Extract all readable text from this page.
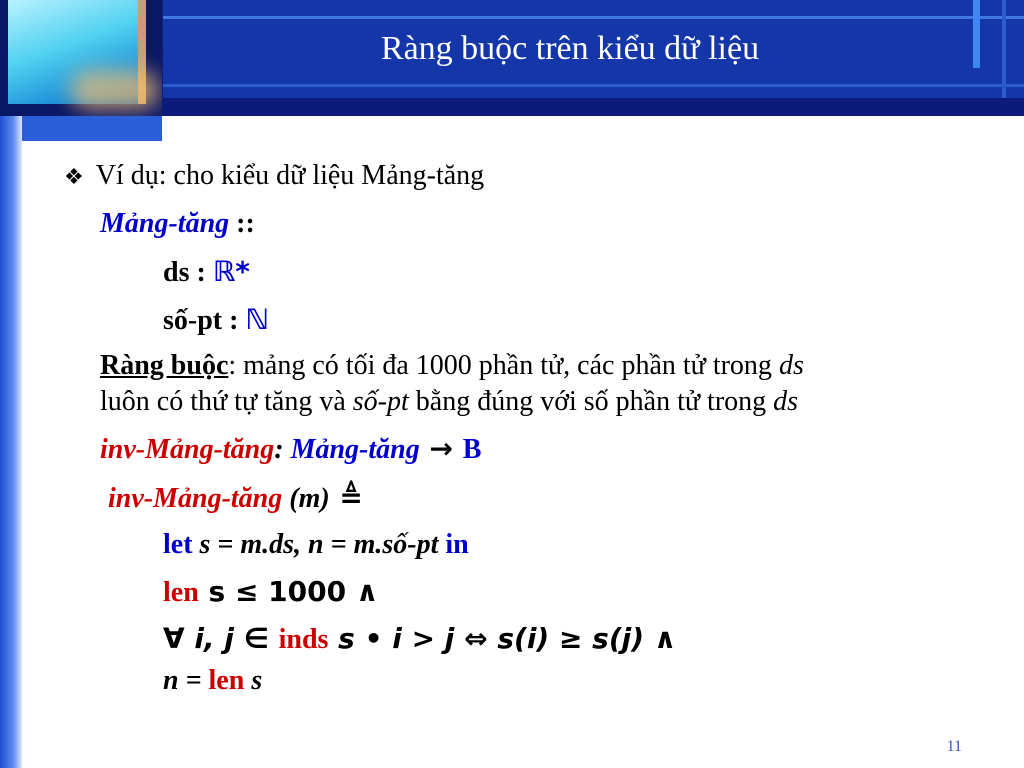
Ràng buộc trên kiểu dữ liệu
❖ Ví dụ: cho kiểu dữ liệu Mảng-tăng
Mảng-tăng ::
ds : ℝ*
số-pt : ℕ
Ràng buộc: mảng có tối đa 1000 phần tử, các phần tử trong ds
luôn có thứ tự tăng và số-pt bằng đúng với số phần tử trong ds
inv-Mảng-tăng: Mảng-tăng → B
inv-Mảng-tăng (m) ≜
let s = m.ds, n = m.số-pt in
len s ≤ 1000 ∧
∀ i, j ∈ inds s • i > j ⇔ s(i) ≥ s(j) ∧
n = len s
11
